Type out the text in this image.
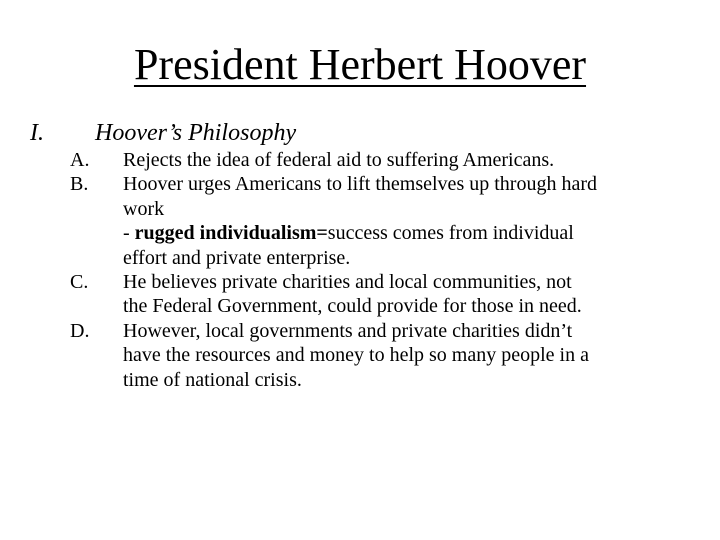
President Herbert Hoover
I. Hoover’s Philosophy
A.	Rejects the idea of federal aid to suffering Americans.
B.	Hoover urges Americans to lift themselves up through hard
work
- rugged individualism=success comes from individual
effort and private enterprise.
C.	He believes private charities and local communities, not
the Federal Government, could provide for those in need.
D.	However, local governments and private charities didn’t
have the resources and money to help so many people in a
time of national crisis.
